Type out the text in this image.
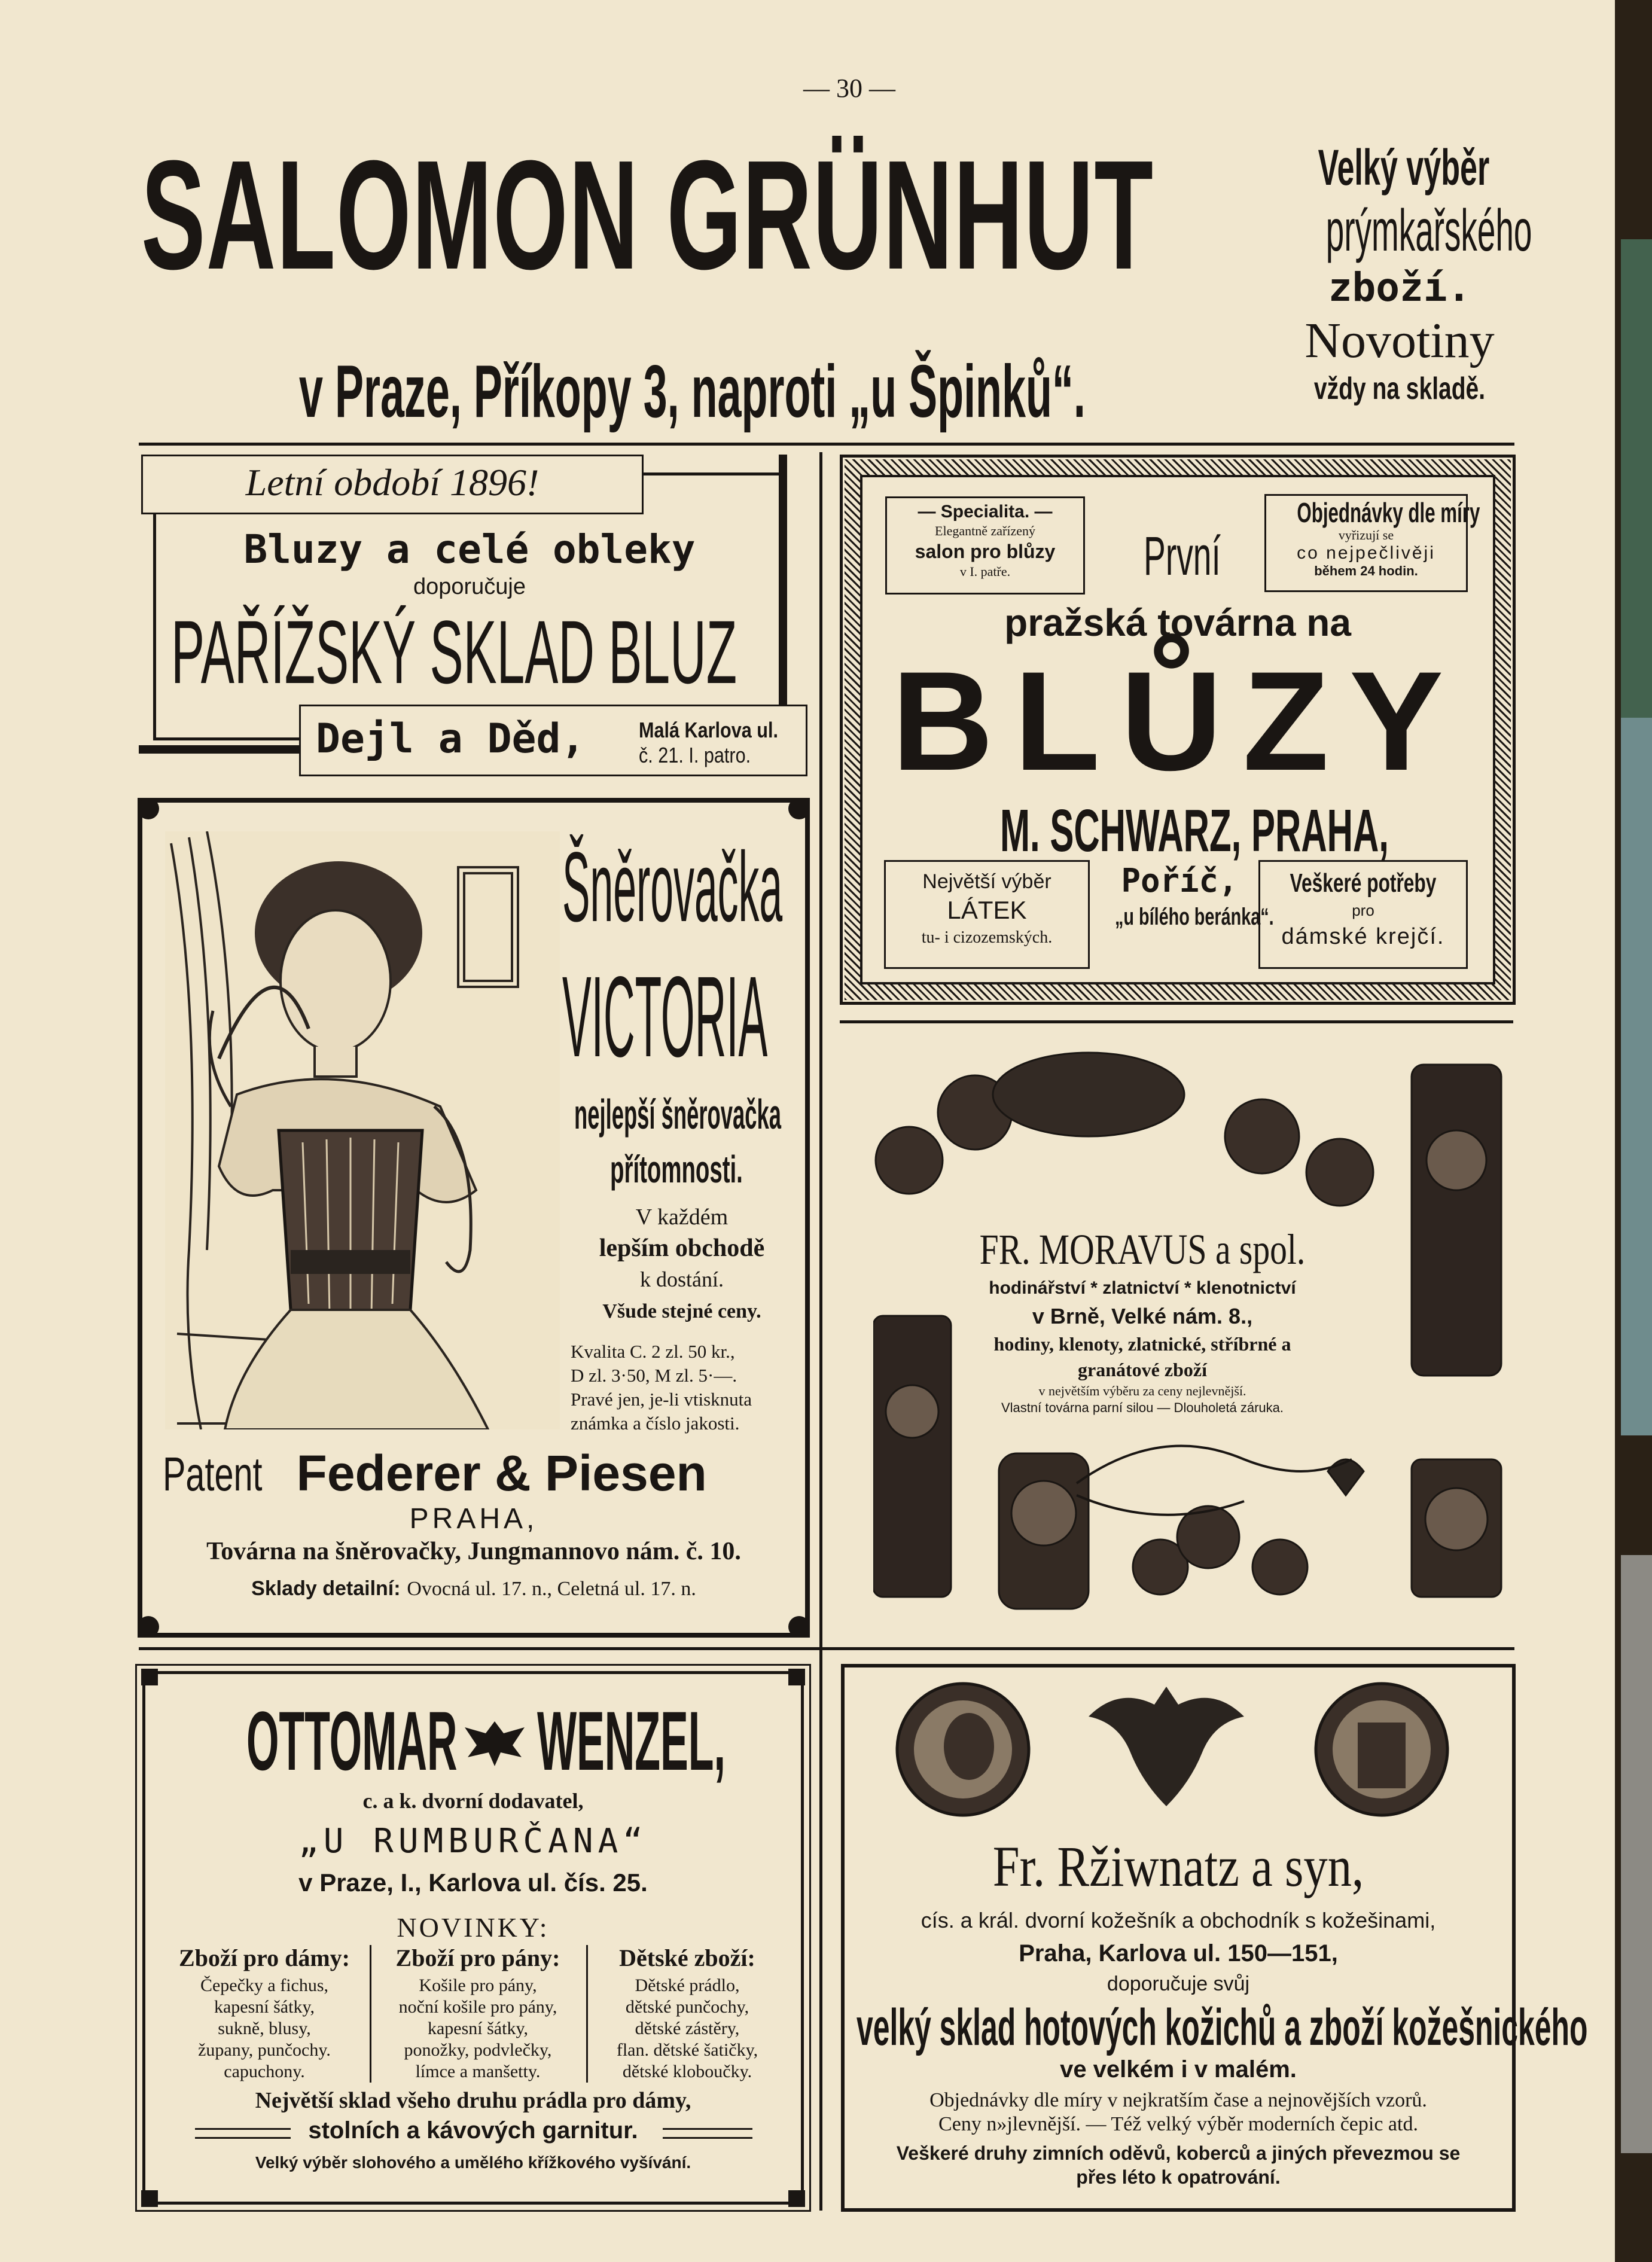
— 30 —
SALOMON GRÜNHUT
v Praze, Příkopy 3, naproti „u Špinků“.
Velký výběr
prýmkařského
zboží.
Novotiny
vždy na skladě.
Letní období 1896!
Bluzy a celé obleky
doporučuje
PAŘÍŽSKÝ SKLAD BLUZ
Dejl a Děd, Malá Karlova ul.
č. 21. I. patro.
— Specialita. —
Elegantně zařízený
salon pro blůzy
v I. patře.	První
Objednávky dle míry
vyřizují se
co nejpečlivěji
během 24 hodin.
pražská továrna na
BLŮZY
M. SCHWARZ, PRAHA,
Největší výběr
LÁTEK
tu- i cizozemských.
Poříč,
„u bílého beránka“.
Veškeré potřeby
pro
dámské krejčí.
Šněrovačka
VICTORIA
nejlepší šněrovačka
přítomnosti.
V každém
lepším obchodě
k dostání.
Všude stejné ceny.
Kvalita C. 2 zl. 50 kr.,
D zl. 3·50, M zl. 5·—.
Pravé jen, je-li vtisknuta
známka a číslo jakosti.
Patent Federer & Piesen
PRAHA,
Továrna na šněrovačky, Jungmannovo nám. č. 10.
Sklady detailní: Ovocná ul. 17. n., Celetná ul. 17. n.
FR. MORAVUS a spol.
hodinářství * zlatnictví * klenotnictví
v Brně, Velké nám. 8.,
hodiny, klenoty, zlatnické, stříbrné a
granátové zboží
v největším výběru za ceny nejlevnější.
Vlastní továrna parní silou — Dlouholetá záruka.
OTTOMAR WENZEL,
c. a k. dvorní dodavatel,
„U RUMBURČANA“
v Praze, I., Karlova ul. čís. 25.
NOVINKY:
Zboží pro dámy:
Čepečky a fichus,
kapesní šátky,
sukně, blusy,
župany, punčochy.
capuchony.
Zboží pro pány:
Košile pro pány,
noční košile pro pány,
kapesní šátky,
ponožky, podvlečky,
límce a manšetty.
Dětské zboží:
Dětské prádlo,
dětské punčochy,
dětské zástěry,
flan. dětské šatičky,
dětské kloboučky.
Největší sklad všeho druhu prádla pro dámy,
stolních a kávových garnitur.
Velký výběr slohového a umělého křížkového vyšívání.
Fr. Ržiwnatz a syn,
cís. a král. dvorní kožešník a obchodník s kožešinami,
Praha, Karlova ul. 150—151,
doporučuje svůj
velký sklad hotových kožichů a zboží kožešnického
ve velkém i v malém.
Objednávky dle míry v nejkratším čase a nejnovějších vzorů.
Ceny n»jlevnější. — Též velký výběr moderních čepic atd.
Veškeré druhy zimních oděvů, koberců a jiných převezmou se
přes léto k opatrování.
